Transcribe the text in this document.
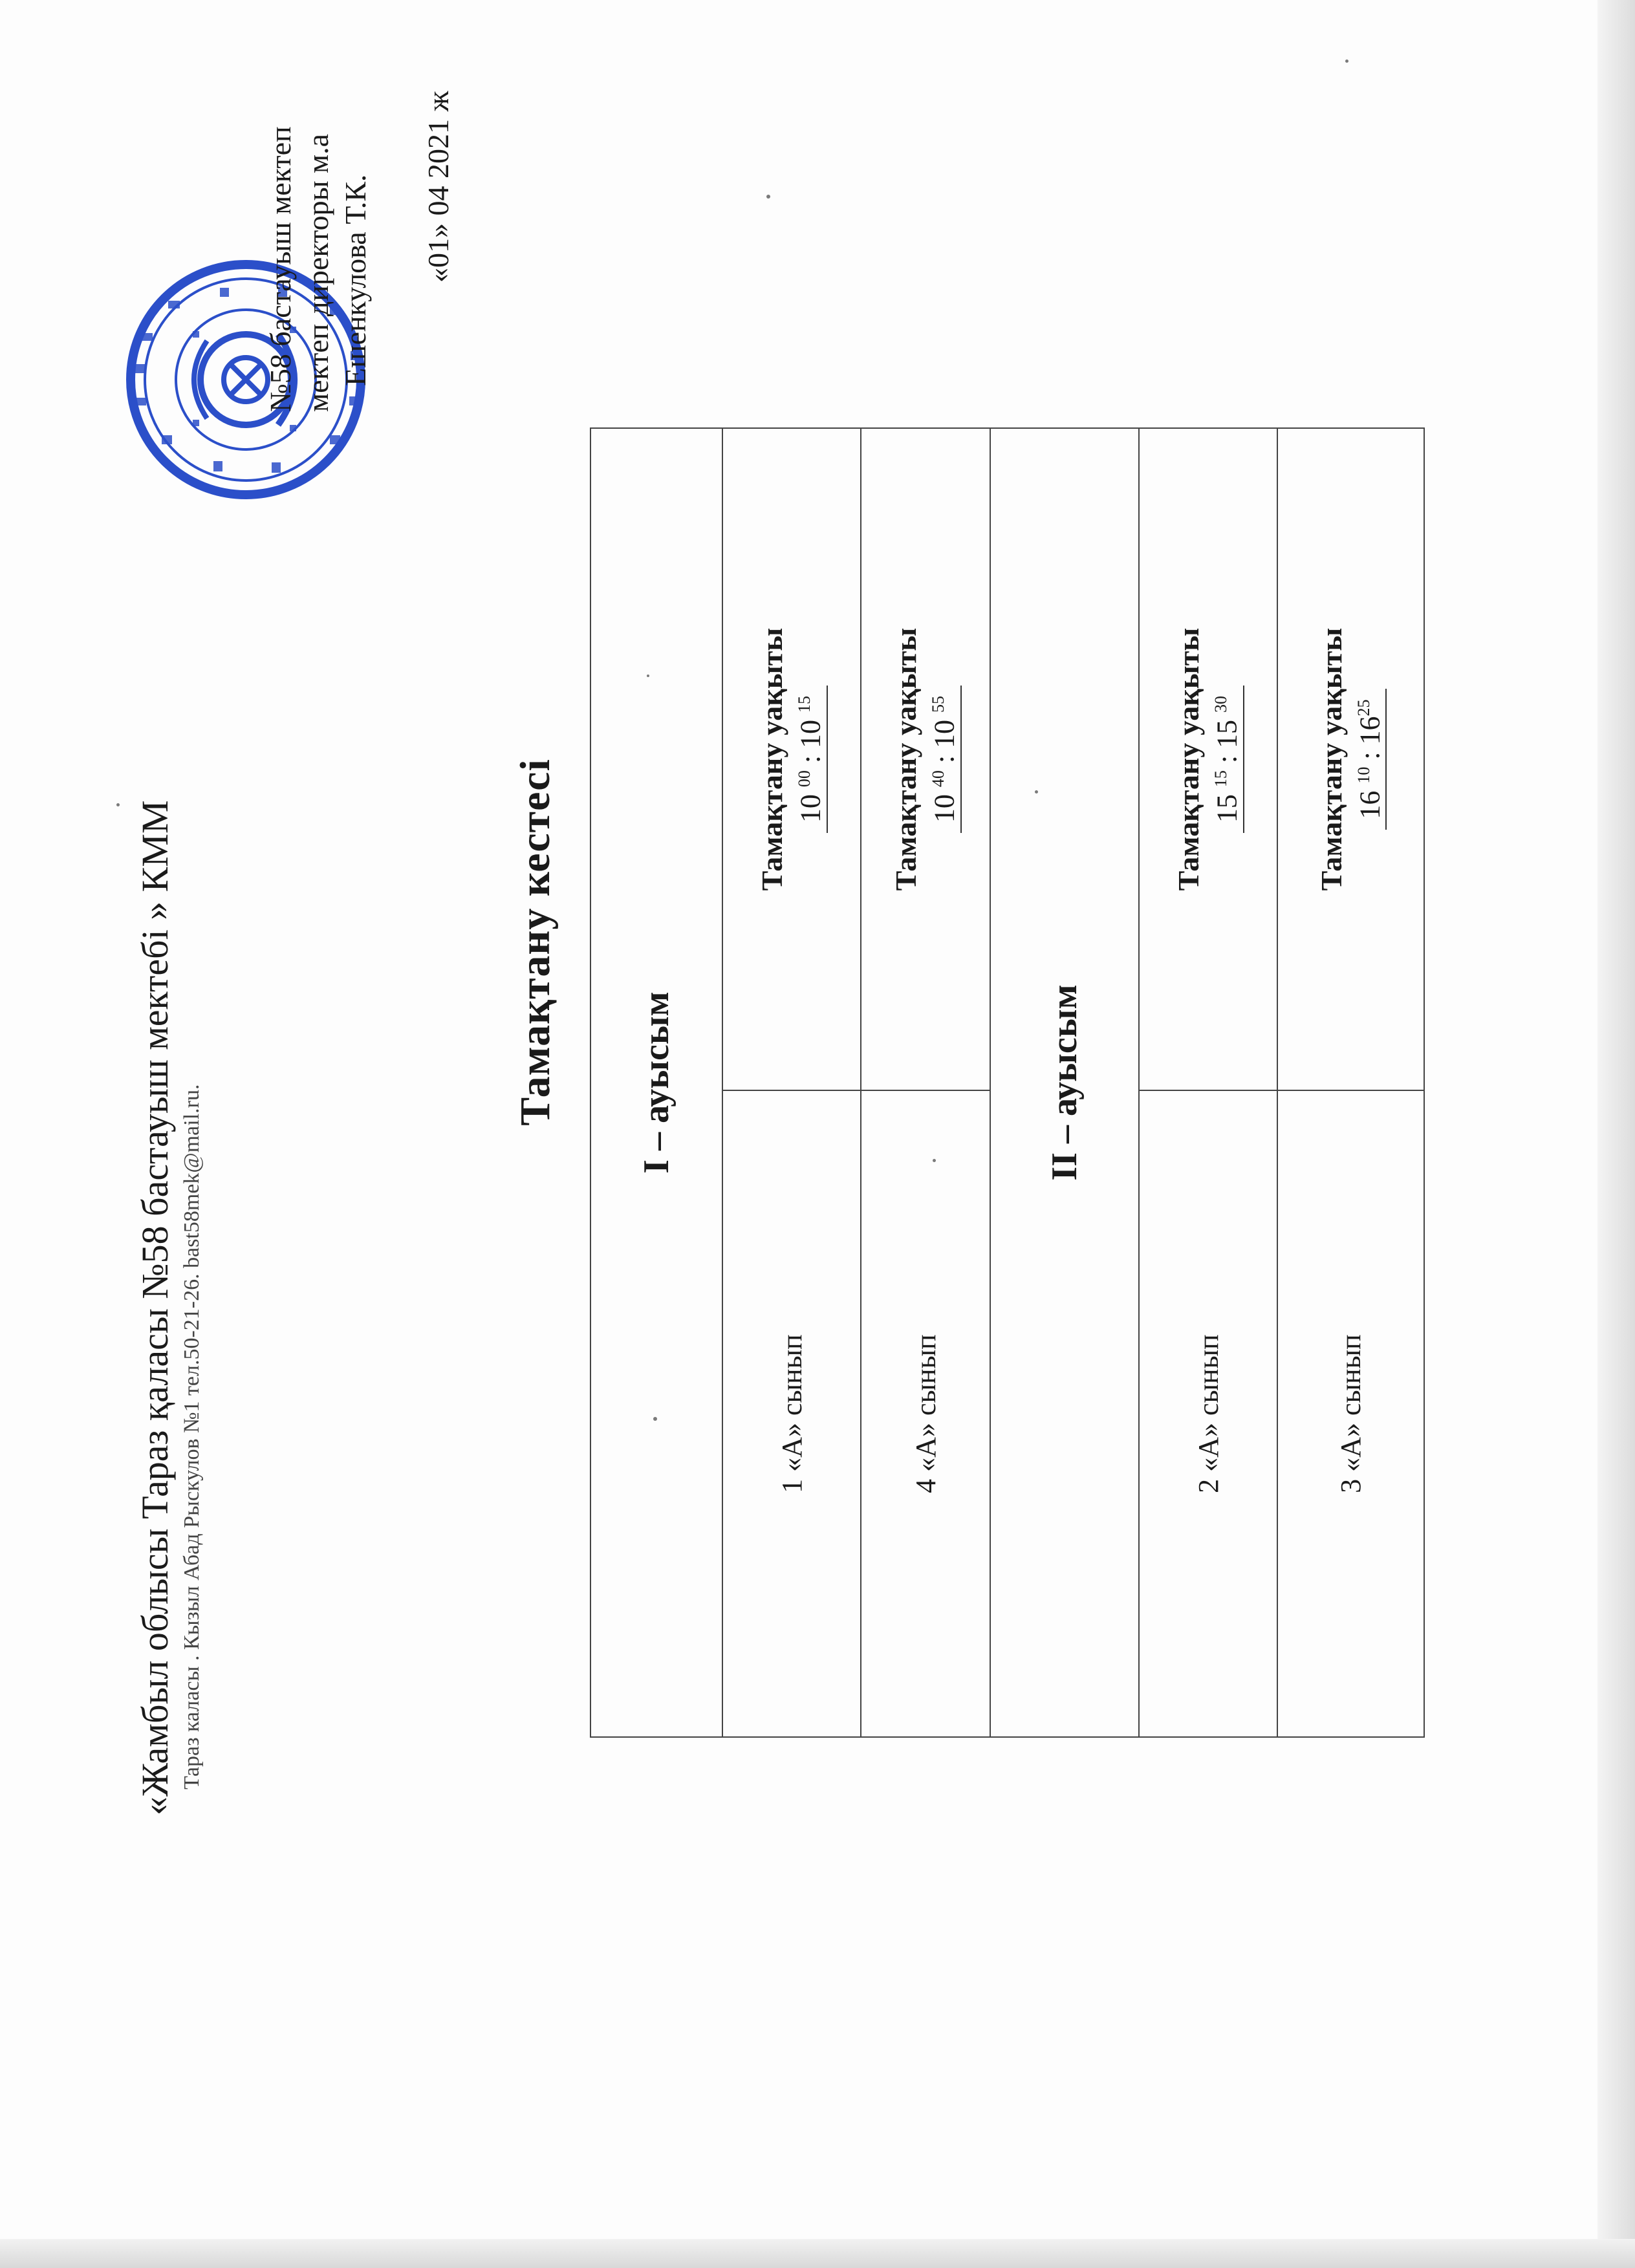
«Жамбыл облысы Тараз қаласы №58 бастауыш мектебі » КММ Тараз каласы . Кызыл Абад Рыскулов №1 тел.50-21-26. bast58mek@mail.ru.
№58 бастауыш мектеп мектеп директоры м.а Ешенкулова Т.К. «01» 04 2021 ж
Тамақтану кестесі I – ауысым	
1 «А» сынып	Тамақтану уақыты 10 $^{00}$ : 10 $^{15}$
4 «А» сынып	Тамақтану уақыты 10 $^{40}$ : 10 $^{55}$
II – ауысым	
2 «А» сынып	Тамақтану уақыты 15 $^{15}$ : 15 $^{30}$
3 «А» сынып	Тамақтану уақыты 16 $^{10}$ : $16^{25}$
